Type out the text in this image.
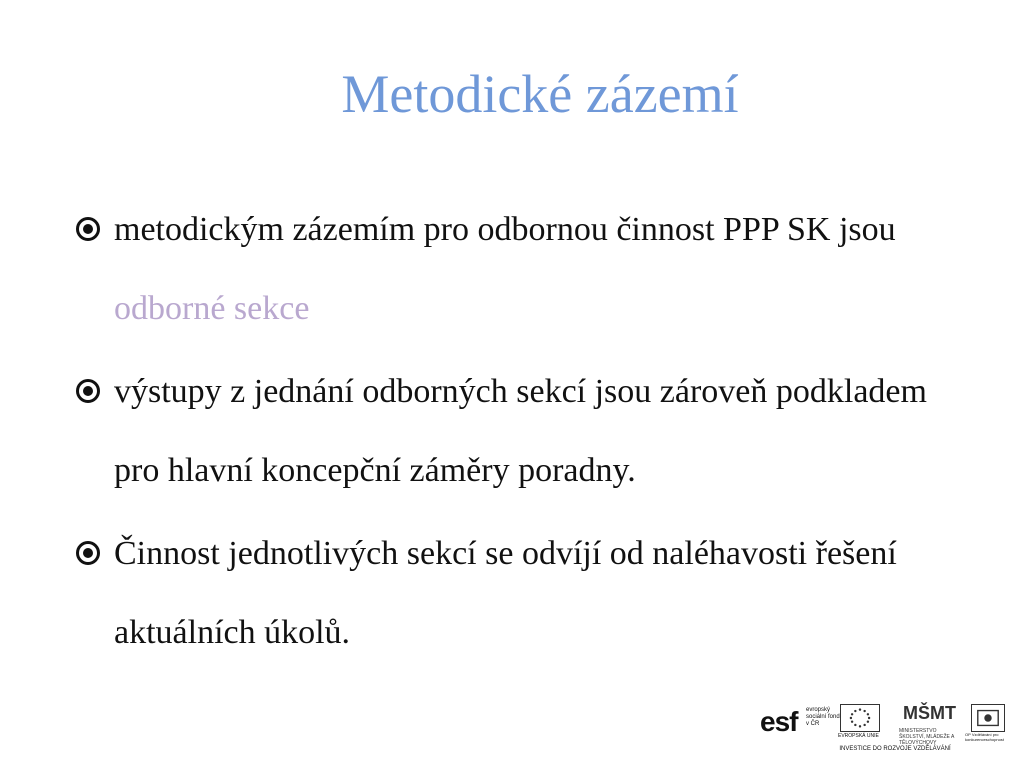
Metodické zázemí
metodickým zázemím pro odbornou činnost PPP SK jsou odborné sekce
výstupy z jednání odborných sekcí jsou zároveň podkladem pro hlavní koncepční záměry poradny.
Činnost jednotlivých sekcí se odvíjí od naléhavosti řešení aktuálních úkolů.
esf	evropský sociální fond v ČR
EVROPSKÁ UNIE
MŠMT
MINISTERSTVO ŠKOLSTVÍ, MLÁDEŽE A TĚLOVÝCHOVY
OP Vzdělávání pro konkurenceschopnost
INVESTICE DO ROZVOJE VZDĚLÁVÁNÍ
